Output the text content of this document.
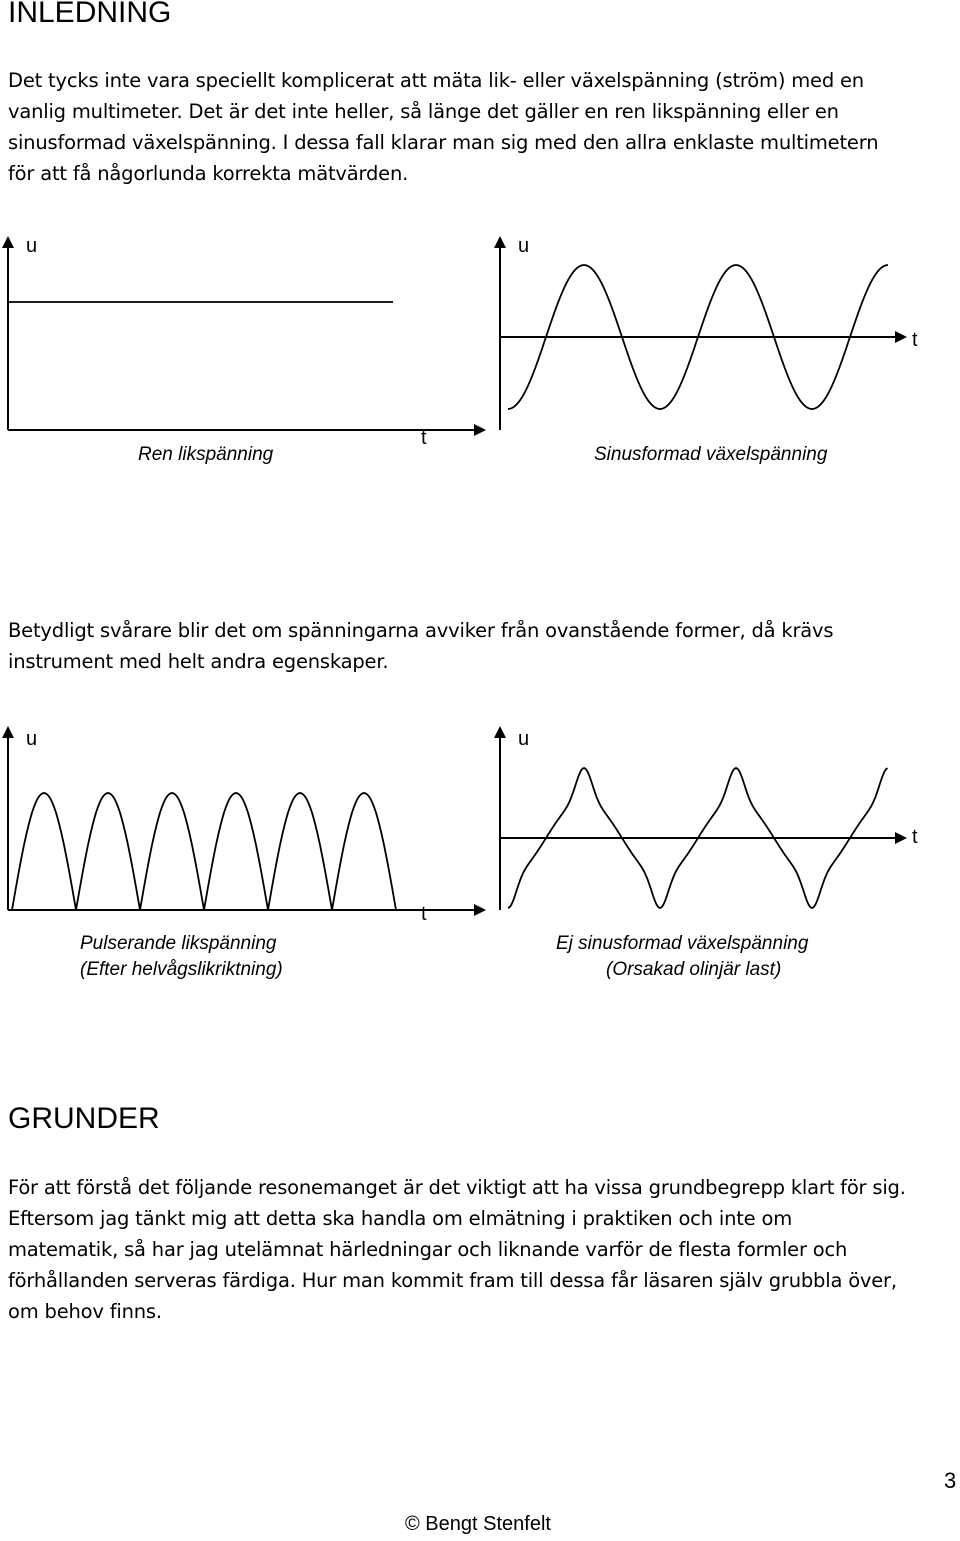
INLEDNING
Det tycks inte vara speciellt komplicerat att mäta lik- eller växelspänning (ström) med en
vanlig multimeter. Det är det inte heller, så länge det gäller en ren likspänning eller en
sinusformad växelspänning. I dessa fall klarar man sig med den allra enklaste multimetern
för att få någorlunda korrekta mätvärden.
u
t
Ren likspänning
u
t
Sinusformad växelspänning
Betydligt svårare blir det om spänningarna avviker från ovanstående former, då krävs
instrument med helt andra egenskaper.
u
t
Pulserande likspänning
(Efter helvågslikriktning)
u
t
Ej sinusformad växelspänning
(Orsakad olinjär last)
GRUNDER
För att förstå det följande resonemanget är det viktigt att ha vissa grundbegrepp klart för sig.
Eftersom jag tänkt mig att detta ska handla om elmätning i praktiken och inte om
matematik, så har jag utelämnat härledningar och liknande varför de flesta formler och
förhållanden serveras färdiga. Hur man kommit fram till dessa får läsaren själv grubbla över,
om behov finns.
3
© Bengt Stenfelt
